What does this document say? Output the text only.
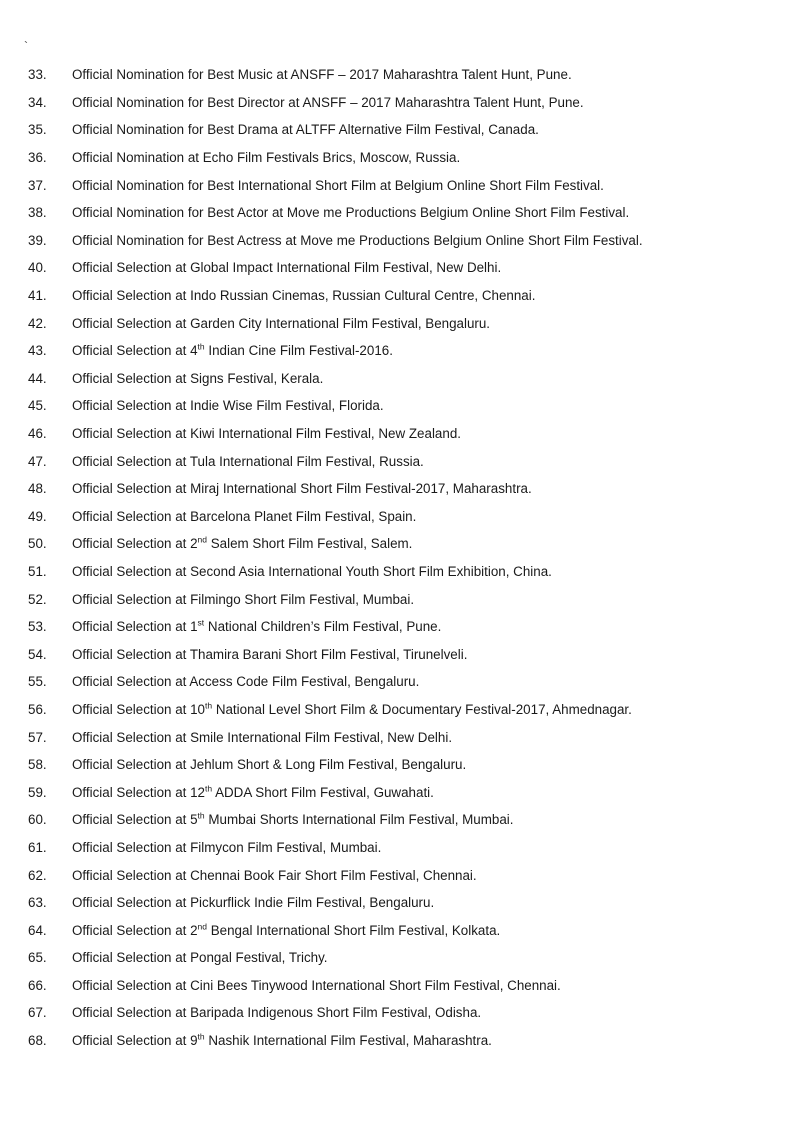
`
33.	Official Nomination for Best Music at ANSFF – 2017 Maharashtra Talent Hunt, Pune.
34.	Official Nomination for Best Director at ANSFF – 2017 Maharashtra Talent Hunt, Pune.
35.	Official Nomination for Best Drama at ALTFF Alternative Film Festival, Canada.
36.	Official Nomination at Echo Film Festivals Brics, Moscow, Russia.
37.	Official Nomination for Best International Short Film at Belgium Online Short Film Festival.
38.	Official Nomination for Best Actor at Move me Productions Belgium Online Short Film Festival.
39.	Official Nomination for Best Actress at Move me Productions Belgium Online Short Film Festival.
40.	Official Selection at Global Impact International Film Festival, New Delhi.
41.	Official Selection at Indo Russian Cinemas, Russian Cultural Centre, Chennai.
42.	Official Selection at Garden City International Film Festival, Bengaluru.
43.	Official Selection at 4th Indian Cine Film Festival-2016.
44.	Official Selection at Signs Festival, Kerala.
45.	Official Selection at Indie Wise Film Festival, Florida.
46.	Official Selection at Kiwi International Film Festival, New Zealand.
47.	Official Selection at Tula International Film Festival, Russia.
48.	Official Selection at Miraj International Short Film Festival-2017, Maharashtra.
49.	Official Selection at Barcelona Planet Film Festival, Spain.
50.	Official Selection at 2nd Salem Short Film Festival, Salem.
51.	Official Selection at Second Asia International Youth Short Film Exhibition, China.
52.	Official Selection at Filmingo Short Film Festival, Mumbai.
53.	Official Selection at 1st National Children’s Film Festival, Pune.
54.	Official Selection at Thamira Barani Short Film Festival, Tirunelveli.
55.	Official Selection at Access Code Film Festival, Bengaluru.
56.	Official Selection at 10th National Level Short Film & Documentary Festival-2017, Ahmednagar.
57.	Official Selection at Smile International Film Festival, New Delhi.
58.	Official Selection at Jehlum Short & Long Film Festival, Bengaluru.
59.	Official Selection at 12th ADDA Short Film Festival, Guwahati.
60.	Official Selection at 5th Mumbai Shorts International Film Festival, Mumbai.
61.	Official Selection at Filmycon Film Festival, Mumbai.
62.	Official Selection at Chennai Book Fair Short Film Festival, Chennai.
63.	Official Selection at Pickurflick Indie Film Festival, Bengaluru.
64.	Official Selection at 2nd Bengal International Short Film Festival, Kolkata.
65.	Official Selection at Pongal Festival, Trichy.
66.	Official Selection at Cini Bees Tinywood International Short Film Festival, Chennai.
67.	Official Selection at Baripada Indigenous Short Film Festival, Odisha.
68.	Official Selection at 9th Nashik International Film Festival, Maharashtra.
